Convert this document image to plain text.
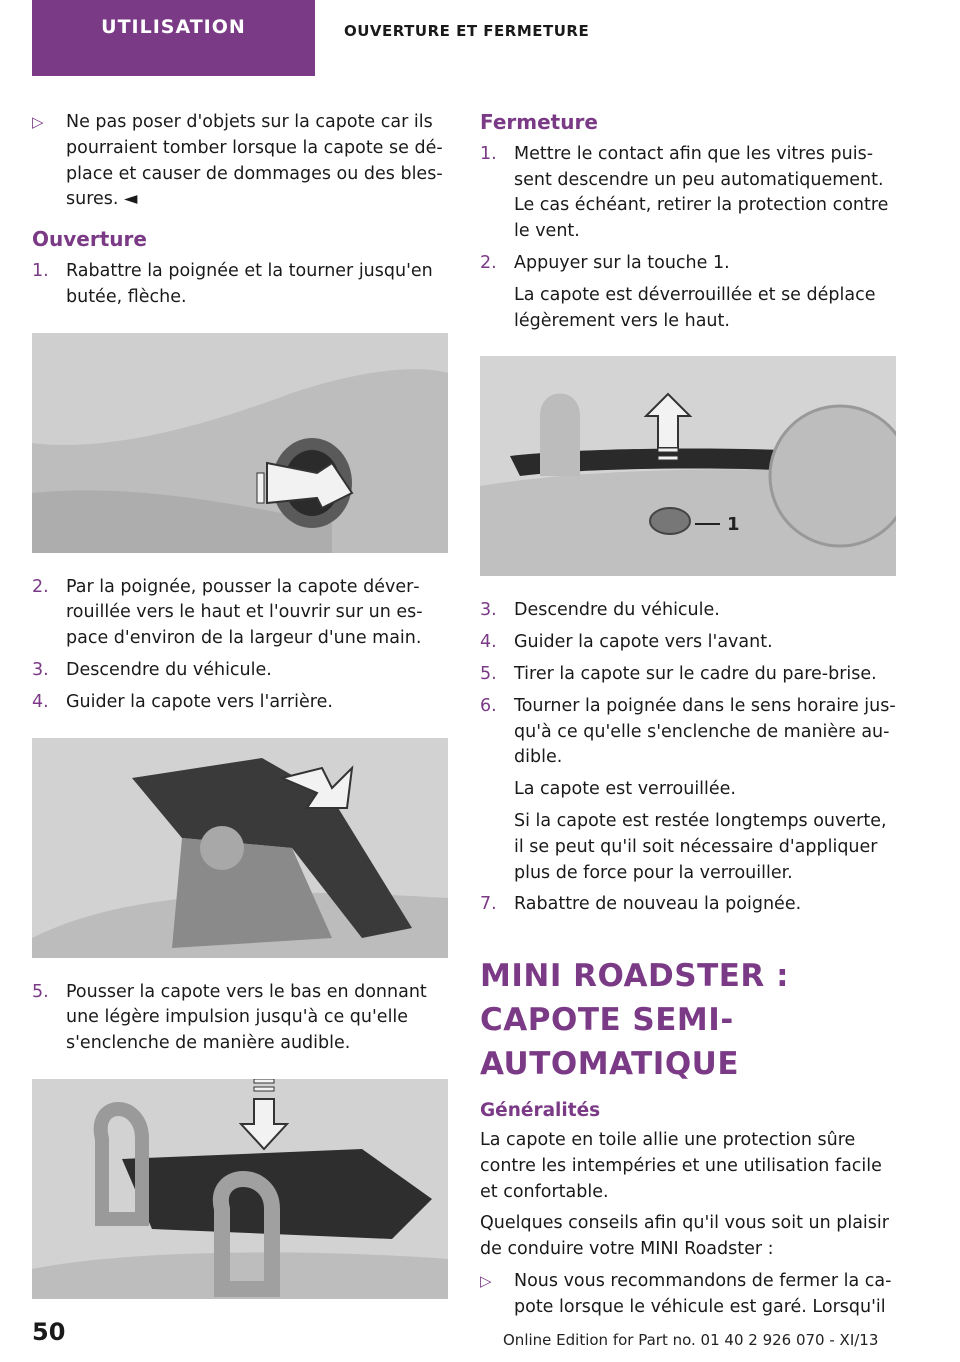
UTILISATION	OUVERTURE ET FERMETURE
▷ Ne pas poser d'objets sur la capote car ils pourraient tomber lorsque la capote se déplace et causer de dommages ou des blessures. ◄
Ouverture
1. Rabattre la poignée et la tourner jusqu'en butée, flèche.
2. Par la poignée, pousser la capote déverrouillée vers le haut et l'ouvrir sur un espace d'environ de la largeur d'une main.
3. Descendre du véhicule.
4. Guider la capote vers l'arrière.
5. Pousser la capote vers le bas en donnant une légère impulsion jusqu'à ce qu'elle s'enclenche de manière audible.
Fermeture
1. Mettre le contact afin que les vitres puissent descendre un peu automatiquement. Le cas échéant, retirer la protection contre le vent.
2. Appuyer sur la touche 1.
La capote est déverrouillée et se déplace légèrement vers le haut.
1
3. Descendre du véhicule.
4. Guider la capote vers l'avant.
5. Tirer la capote sur le cadre du pare-brise.
6. Tourner la poignée dans le sens horaire jusqu'à ce qu'elle s'enclenche de manière audible.
La capote est verrouillée.
Si la capote est restée longtemps ouverte, il se peut qu'il soit nécessaire d'appliquer plus de force pour la verrouiller.
7. Rabattre de nouveau la poignée.
MINI ROADSTER : CAPOTE SEMI-AUTOMATIQUE
Généralités

La capote en toile allie une protection sûre contre les intempéries et une utilisation facile et confortable.

Quelques conseils afin qu'il vous soit un plaisir de conduire votre MINI Roadster :

▷ Nous vous recommandons de fermer la capote lorsque le véhicule est garé. Lorsqu'il
50	Online Edition for Part no. 01 40 2 926 070 - XI/13
